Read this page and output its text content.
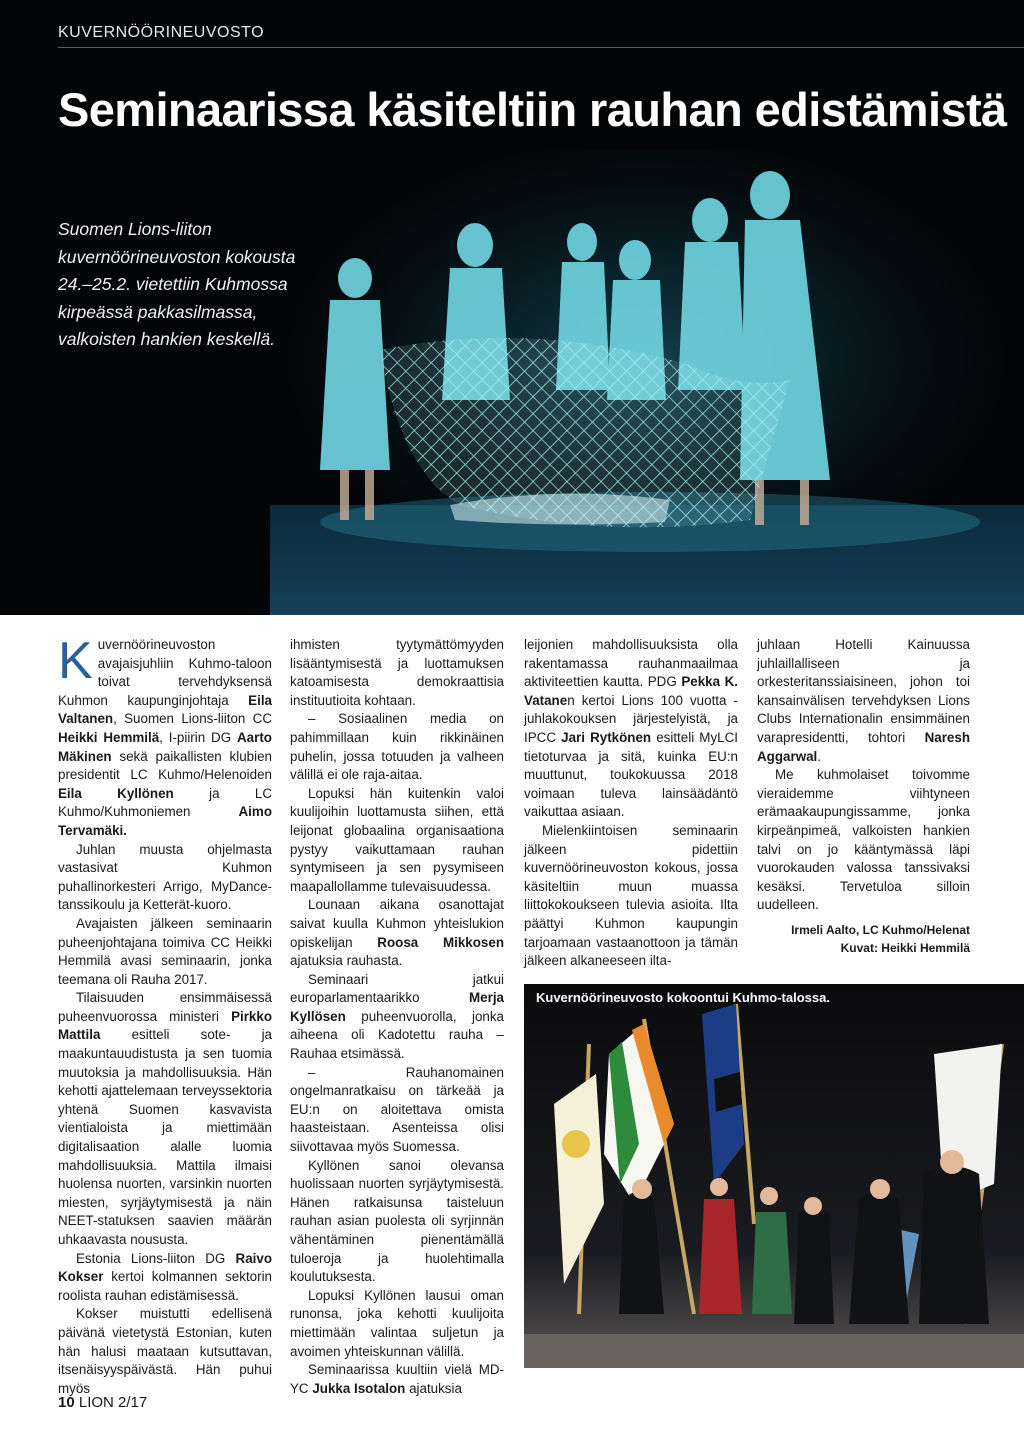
KUVERNÖÖRINEUVOSTO
Seminaarissa käsiteltiin rauhan edistämistä

Suomen Lions-liiton kuvernöörineuvoston kokousta 24.–25.2. vietettiin Kuhmossa kirpeässä pakkasilmassa, valkoisten hankien keskellä.

Kuvernöörineuvoston avajaisjuhliin Kuhmo-taloon toivat tervehdyksensä Kuhmon kaupunginjohtaja Eila Valtanen, Suomen Lions-liiton CC Heikki Hemmilä, I-piirin DG Aarto Mäkinen sekä paikallisten klubien presidentit LC Kuhmo/Helenoiden Eila Kyllönen ja LC Kuhmo/Kuhmoniemen Aimo Tervamäki.

Juhlan muusta ohjelmasta vastasivat Kuhmon puhallinorkesteri Arrigo, MyDance-tanssikoulu ja Ketterät-kuoro.

Avajaisten jälkeen seminaarin puheenjohtajana toimiva CC Heikki Hemmilä avasi seminaarin, jonka teemana oli Rauha 2017.

Tilaisuuden ensimmäisessä puheenvuorossa ministeri Pirkko Mattila esitteli sote- ja maakuntauudistusta ja sen tuomia muutoksia ja mahdollisuuksia. Hän kehotti ajattelemaan terveyssektoria yhtenä Suomen kasvavista vientialoista ja miettimään digitalisaation alalle luomia mahdollisuuksia. Mattila ilmaisi huolensa nuorten, varsinkin nuorten miesten, syrjäytymisestä ja näin NEET-statuksen saavien määrän uhkaavasta noususta.

Estonia Lions-liiton DG Raivo Kokser kertoi kolmannen sektorin roolista rauhan edistämisessä.

Kokser muistutti edellisenä päivänä vietetystä Estonian, kuten hän halusi maataan kutsuttavan, itsenäisyyspäivästä. Hän puhui myös

ihmisten tyytymättömyyden lisääntymisestä ja luottamuksen katoamisesta demokraattisia instituutioita kohtaan.

– Sosiaalinen media on pahimmillaan kuin rikkinäinen puhelin, jossa totuuden ja valheen välillä ei ole raja-aitaa.

Lopuksi hän kuitenkin valoi kuulijoihin luottamusta siihen, että leijonat globaalina organisaationa pystyy vaikuttamaan rauhan syntymiseen ja sen pysymiseen maapallollamme tulevaisuudessa.

Lounaan aikana osanottajat saivat kuulla Kuhmon yhteislukion opiskelijan Roosa Mikkosen ajatuksia rauhasta.

Seminaari jatkui europarlamentaarikko Merja Kyllösen puheenvuorolla, jonka aiheena oli Kadotettu rauha – Rauhaa etsimässä.

– Rauhanomainen ongelmanratkaisu on tärkeää ja EU:n on aloitettava omista haasteistaan. Asenteissa olisi siivottavaa myös Suomessa.

Kyllönen sanoi olevansa huolissaan nuorten syrjäytymisestä. Hänen ratkaisunsa taisteluun rauhan asian puolesta oli syrjinnän vähentäminen pienentämällä tuloeroja ja huolehtimalla koulutuksesta.

Lopuksi Kyllönen lausui oman runonsa, joka kehotti kuulijoita miettimään valintaa suljetun ja avoimen yhteiskunnan välillä.

Seminaarissa kuultiin vielä MD-YC Jukka Isotalon ajatuksia

leijonien mahdollisuuksista olla rakentamassa rauhanmaailmaa aktiviteettien kautta. PDG Pekka K. Vatanen kertoi Lions 100 vuotta -juhlakokouksen järjestelyistä, ja IPCC Jari Rytkönen esitteli MyLCI tietoturvaa ja sitä, kuinka EU:n muuttunut, toukokuussa 2018 voimaan tuleva lainsäädäntö vaikuttaa asiaan.

Mielenkiintoisen seminaarin jälkeen pidettiin kuvernöörineuvoston kokous, jossa käsiteltiin muun muassa liittokokoukseen tulevia asioita. Ilta päättyi Kuhmon kaupungin tarjoamaan vastaanottoon ja tämän jälkeen alkaneeseen ilta-

juhlaan Hotelli Kainuussa juhlaillalliseen ja orkesteritanssiaisineen, johon toi kansainvälisen tervehdyksen Lions Clubs Internationalin ensimmäinen varapresidentti, tohtori Naresh Aggarwal.

Me kuhmolaiset toivomme vieraidemme viihtyneen erämaakaupungissamme, jonka kirpeänpimeä, valkoisten hankien talvi on jo kääntymässä läpi vuorokauden valossa tanssivaksi kesäksi. Tervetuloa silloin uudelleen.

Irmeli Aalto, LC Kuhmo/Helenat
Kuvat: Heikki Hemmilä
Kuvernöörineuvosto kokoontui Kuhmo-talossa.
10 LION 2/17
